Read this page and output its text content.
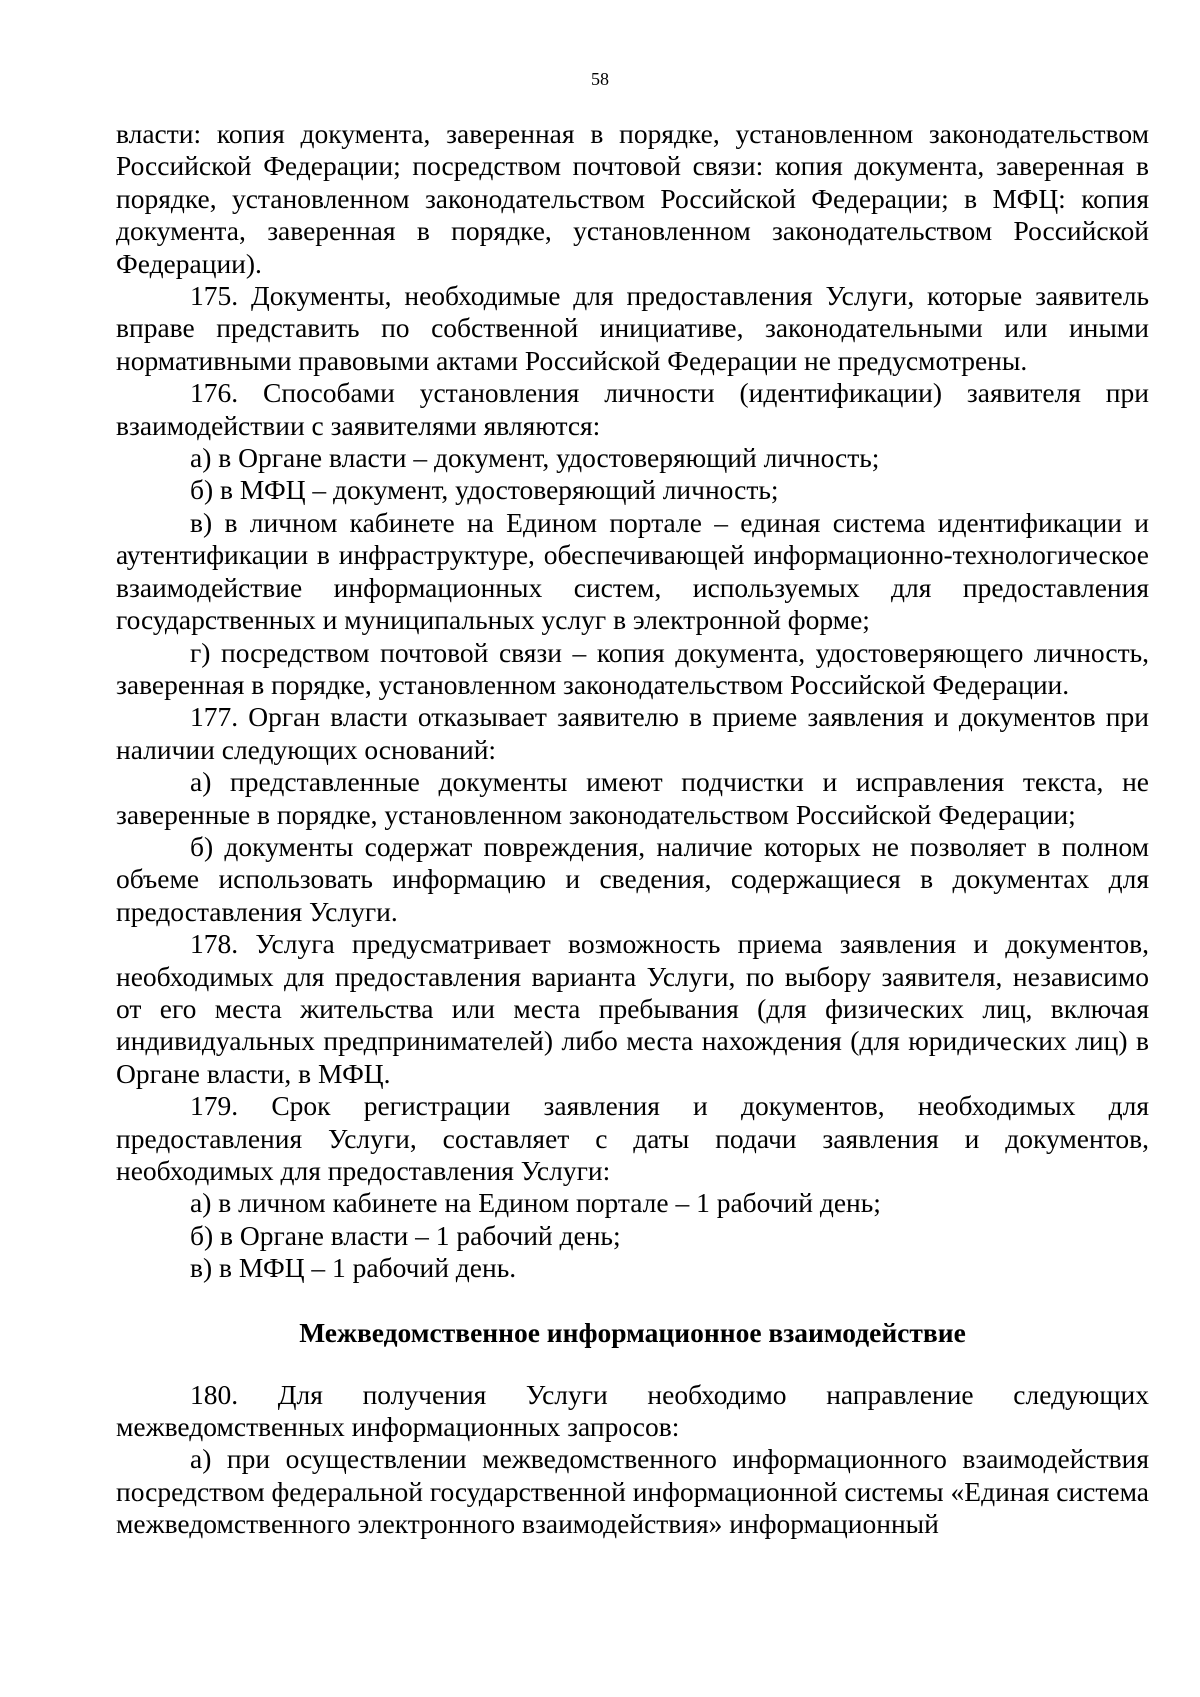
58

власти: копия документа, заверенная в порядке, установленном законодательством Российской Федерации; посредством почтовой связи: копия документа, заверенная в порядке, установленном законодательством Российской Федерации; в МФЦ: копия документа, заверенная в порядке, установленном законодательством Российской Федерации).

175. Документы, необходимые для предоставления Услуги, которые заявитель вправе представить по собственной инициативе, законодательными или иными нормативными правовыми актами Российской Федерации не предусмотрены.

176. Способами установления личности (идентификации) заявителя при взаимодействии с заявителями являются:

а) в Органе власти – документ, удостоверяющий личность;

б) в МФЦ – документ, удостоверяющий личность;

в) в личном кабинете на Едином портале – единая система идентификации и аутентификации в инфраструктуре, обеспечивающей информационно-технологическое взаимодействие информационных систем, используемых для предоставления государственных и муниципальных услуг в электронной форме;

г) посредством почтовой связи – копия документа, удостоверяющего личность, заверенная в порядке, установленном законодательством Российской Федерации.

177. Орган власти отказывает заявителю в приеме заявления и документов при наличии следующих оснований:

а) представленные документы имеют подчистки и исправления текста, не заверенные в порядке, установленном законодательством Российской Федерации;

б) документы содержат повреждения, наличие которых не позволяет в полном объеме использовать информацию и сведения, содержащиеся в документах для предоставления Услуги.

178. Услуга предусматривает возможность приема заявления и документов, необходимых для предоставления варианта Услуги, по выбору заявителя, независимо от его места жительства или места пребывания (для физических лиц, включая индивидуальных предпринимателей) либо места нахождения (для юридических лиц) в Органе власти, в МФЦ.

179. Срок регистрации заявления и документов, необходимых для предоставления Услуги, составляет с даты подачи заявления и документов, необходимых для предоставления Услуги:

а) в личном кабинете на Едином портале – 1 рабочий день;

б) в Органе власти – 1 рабочий день;

в) в МФЦ – 1 рабочий день.

Межведомственное информационное взаимодействие

180. Для получения Услуги необходимо направление следующих межведомственных информационных запросов:

а) при осуществлении межведомственного информационного взаимодействия посредством федеральной государственной информационной системы «Единая система межведомственного электронного взаимодействия» информационный
